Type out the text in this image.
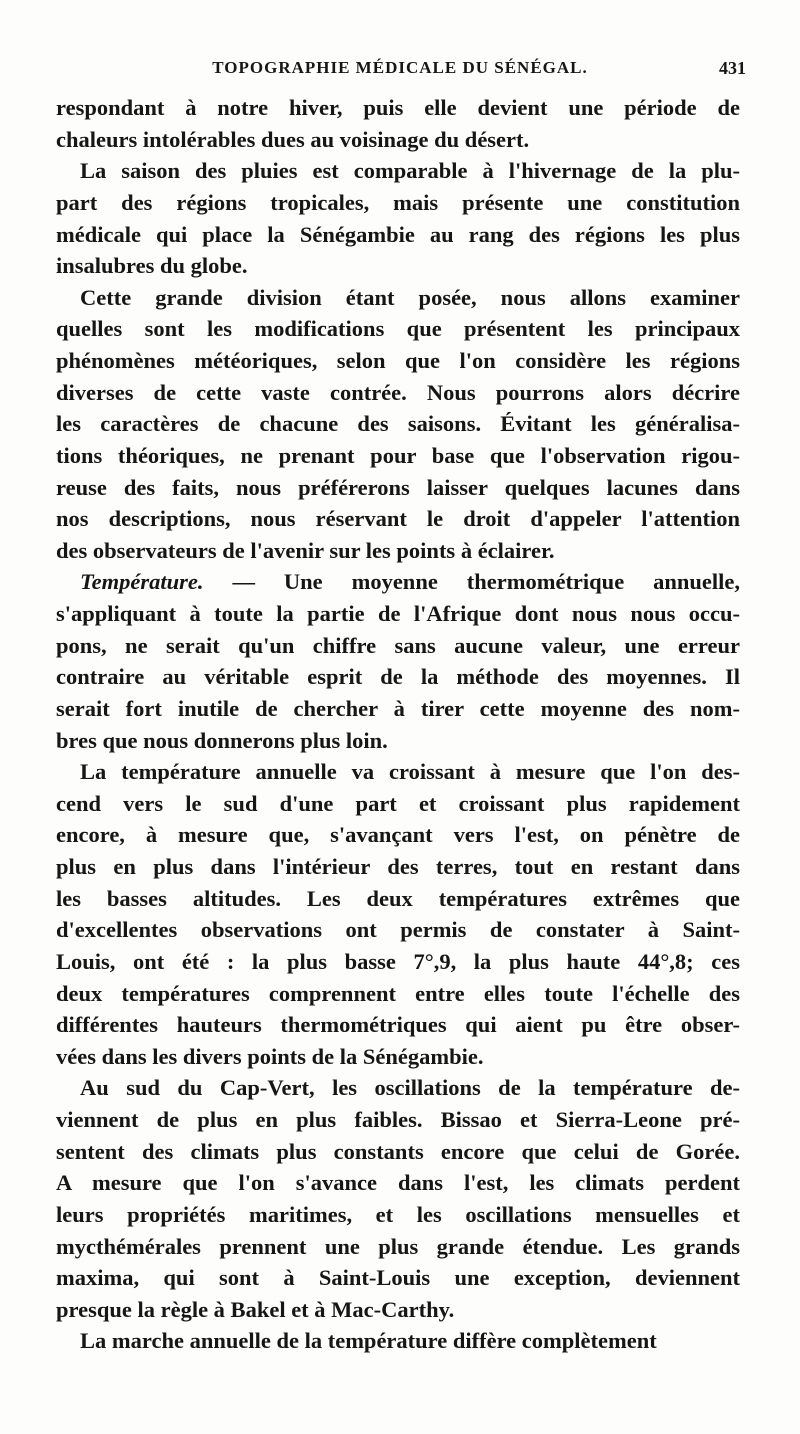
TOPOGRAPHIE MÉDICALE DU SÉNÉGAL.	431
respondant à notre hiver, puis elle devient une période de
chaleurs intolérables dues au voisinage du désert.
La saison des pluies est comparable à l'hivernage de la plu-
part des régions tropicales, mais présente une constitution
médicale qui place la Sénégambie au rang des régions les plus
insalubres du globe.
Cette grande division étant posée, nous allons examiner
quelles sont les modifications que présentent les principaux
phénomènes météoriques, selon que l'on considère les régions
diverses de cette vaste contrée. Nous pourrons alors décrire
les caractères de chacune des saisons. Évitant les généralisa-
tions théoriques, ne prenant pour base que l'observation rigou-
reuse des faits, nous préférerons laisser quelques lacunes dans
nos descriptions, nous réservant le droit d'appeler l'attention
des observateurs de l'avenir sur les points à éclairer.
Température. — Une moyenne thermométrique annuelle,
s'appliquant à toute la partie de l'Afrique dont nous nous occu-
pons, ne serait qu'un chiffre sans aucune valeur, une erreur
contraire au véritable esprit de la méthode des moyennes. Il
serait fort inutile de chercher à tirer cette moyenne des nom-
bres que nous donnerons plus loin.
La température annuelle va croissant à mesure que l'on des-
cend vers le sud d'une part et croissant plus rapidement
encore, à mesure que, s'avançant vers l'est, on pénètre de
plus en plus dans l'intérieur des terres, tout en restant dans
les basses altitudes. Les deux températures extrêmes que
d'excellentes observations ont permis de constater à Saint-
Louis, ont été : la plus basse 7°,9, la plus haute 44°,8; ces
deux températures comprennent entre elles toute l'échelle des
différentes hauteurs thermométriques qui aient pu être obser-
vées dans les divers points de la Sénégambie.
Au sud du Cap-Vert, les oscillations de la température de-
viennent de plus en plus faibles. Bissao et Sierra-Leone pré-
sentent des climats plus constants encore que celui de Gorée.
A mesure que l'on s'avance dans l'est, les climats perdent
leurs propriétés maritimes, et les oscillations mensuelles et
mycthémérales prennent une plus grande étendue. Les grands
maxima, qui sont à Saint-Louis une exception, deviennent
presque la règle à Bakel et à Mac-Carthy.
La marche annuelle de la température diffère complètement
